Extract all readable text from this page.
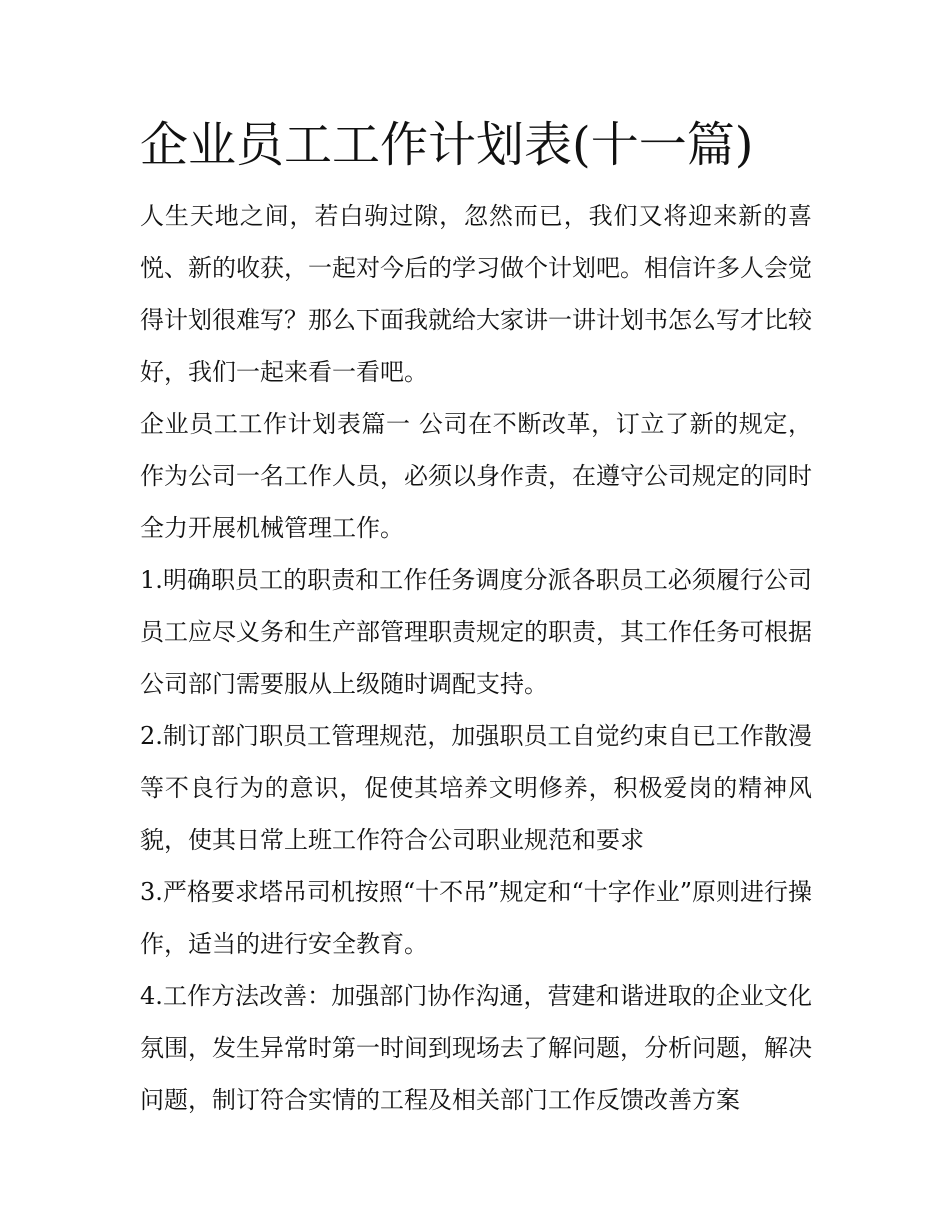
企业员工工作计划表(十一篇)

人生天地之间，若白驹过隙，忽然而已，我们又将迎来新的喜悦、新的收获，一起对今后的学习做个计划吧。相信许多人会觉得计划很难写？那么下面我就给大家讲一讲计划书怎么写才比较好，我们一起来看一看吧。

企业员工工作计划表篇一 公司在不断改革，订立了新的规定，作为公司一名工作人员，必须以身作责，在遵守公司规定的同时全力开展机械管理工作。

1.明确职员工的职责和工作任务调度分派各职员工必须履行公司员工应尽义务和生产部管理职责规定的职责，其工作任务可根据公司部门需要服从上级随时调配支持。

2.制订部门职员工管理规范，加强职员工自觉约束自已工作散漫等不良行为的意识，促使其培养文明修养，积极爱岗的精神风貌，使其日常上班工作符合公司职业规范和要求

3.严格要求塔吊司机按照“十不吊”规定和“十字作业”原则进行操作，适当的进行安全教育。

4.工作方法改善：加强部门协作沟通，营建和谐进取的企业文化氛围，发生异常时第一时间到现场去了解问题，分析问题，解决问题，制订符合实情的工程及相关部门工作反馈改善方案
